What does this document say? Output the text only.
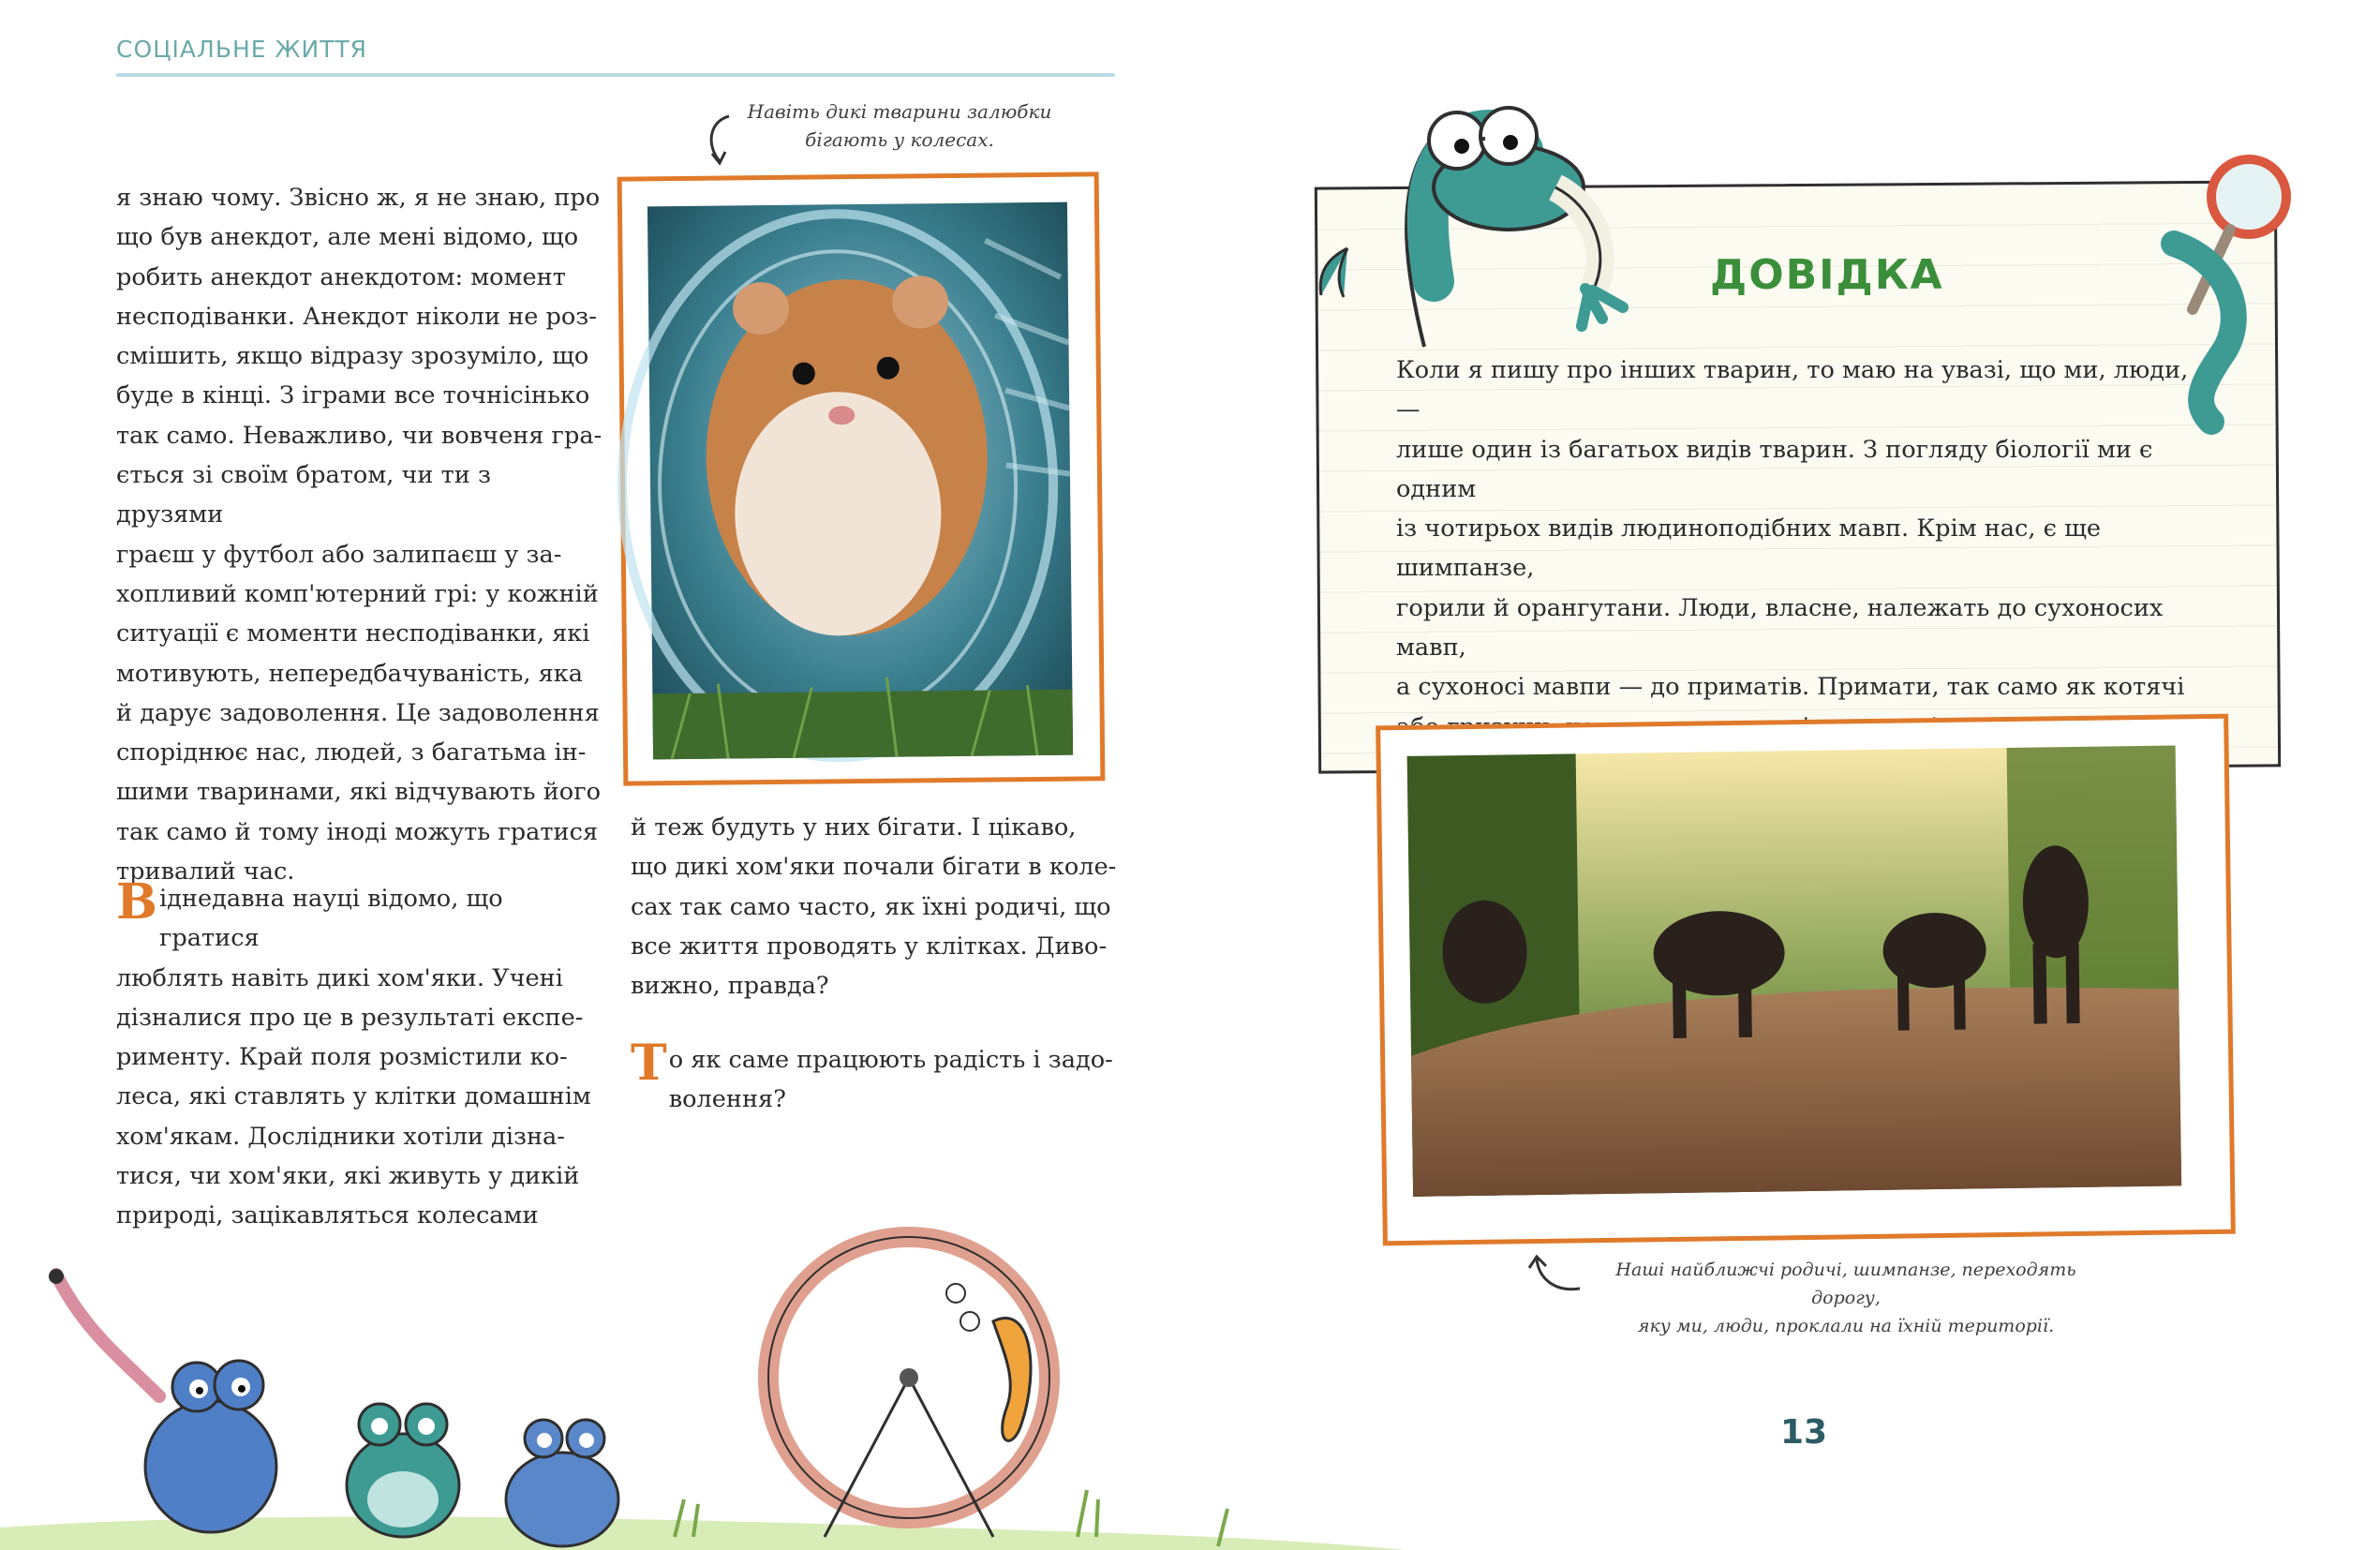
СОЦІАЛЬНЕ ЖИТТЯ

я знаю чому. Звісно ж, я не знаю, про
що був анекдот, але мені відомо, що
робить анекдот анекдотом: момент
несподіванки. Анекдот ніколи не роз-
смішить, якщо відразу зрозуміло, що
буде в кінці. З іграми все точнісінько
так само. Неважливо, чи вовченя гра-
ється зі своїм братом, чи ти з друзями
граєш у футбол або залипаєш у за-
хопливий комп'ютерний грі: у кожній
ситуації є моменти несподіванки, які
мотивують, непередбачуваність, яка
й дарує задоволення. Це задоволення
споріднює нас, людей, з багатьма ін-
шими тваринами, які відчувають його
так само й тому іноді можуть гратися
тривалий час.

В іднедавна науці відомо, що гратися
люблять навіть дикі хом'яки. Учені
дізналися про це в результаті експе-
рименту. Край поля розмістили ко-
леса, які ставлять у клітки домашнім
хом'якам. Дослідники хотіли дізна-
тися, чи хом'яки, які живуть у дикій
природі, зацікавляться колесами

й теж будуть у них бігати. І цікаво,
що дикі хом'яки почали бігати в коле-
сах так само часто, як їхні родичі, що
все життя проводять у клітках. Диво-
вижно, правда?

Т о як саме працюють радість і задо-
волення?

Навіть дикі тварини залюбки
бігають у колесах.
ДОВІДКА

Коли я пишу про інших тварин, то маю на увазі, що ми, люди, —
лише один із багатьох видів тварин. З погляду біології ми є одним
із чотирьох видів людиноподібних мавп. Крім нас, є ще шимпанзе,
горили й орангутани. Люди, власне, належать до сухоносих мавп,
а сухоносі мавпи — до приматів. Примати, так само як котячі

Наші найближчі родичі, шимпанзе, переходять дорогу,
яку ми, люди, проклали на їхній території.
13
